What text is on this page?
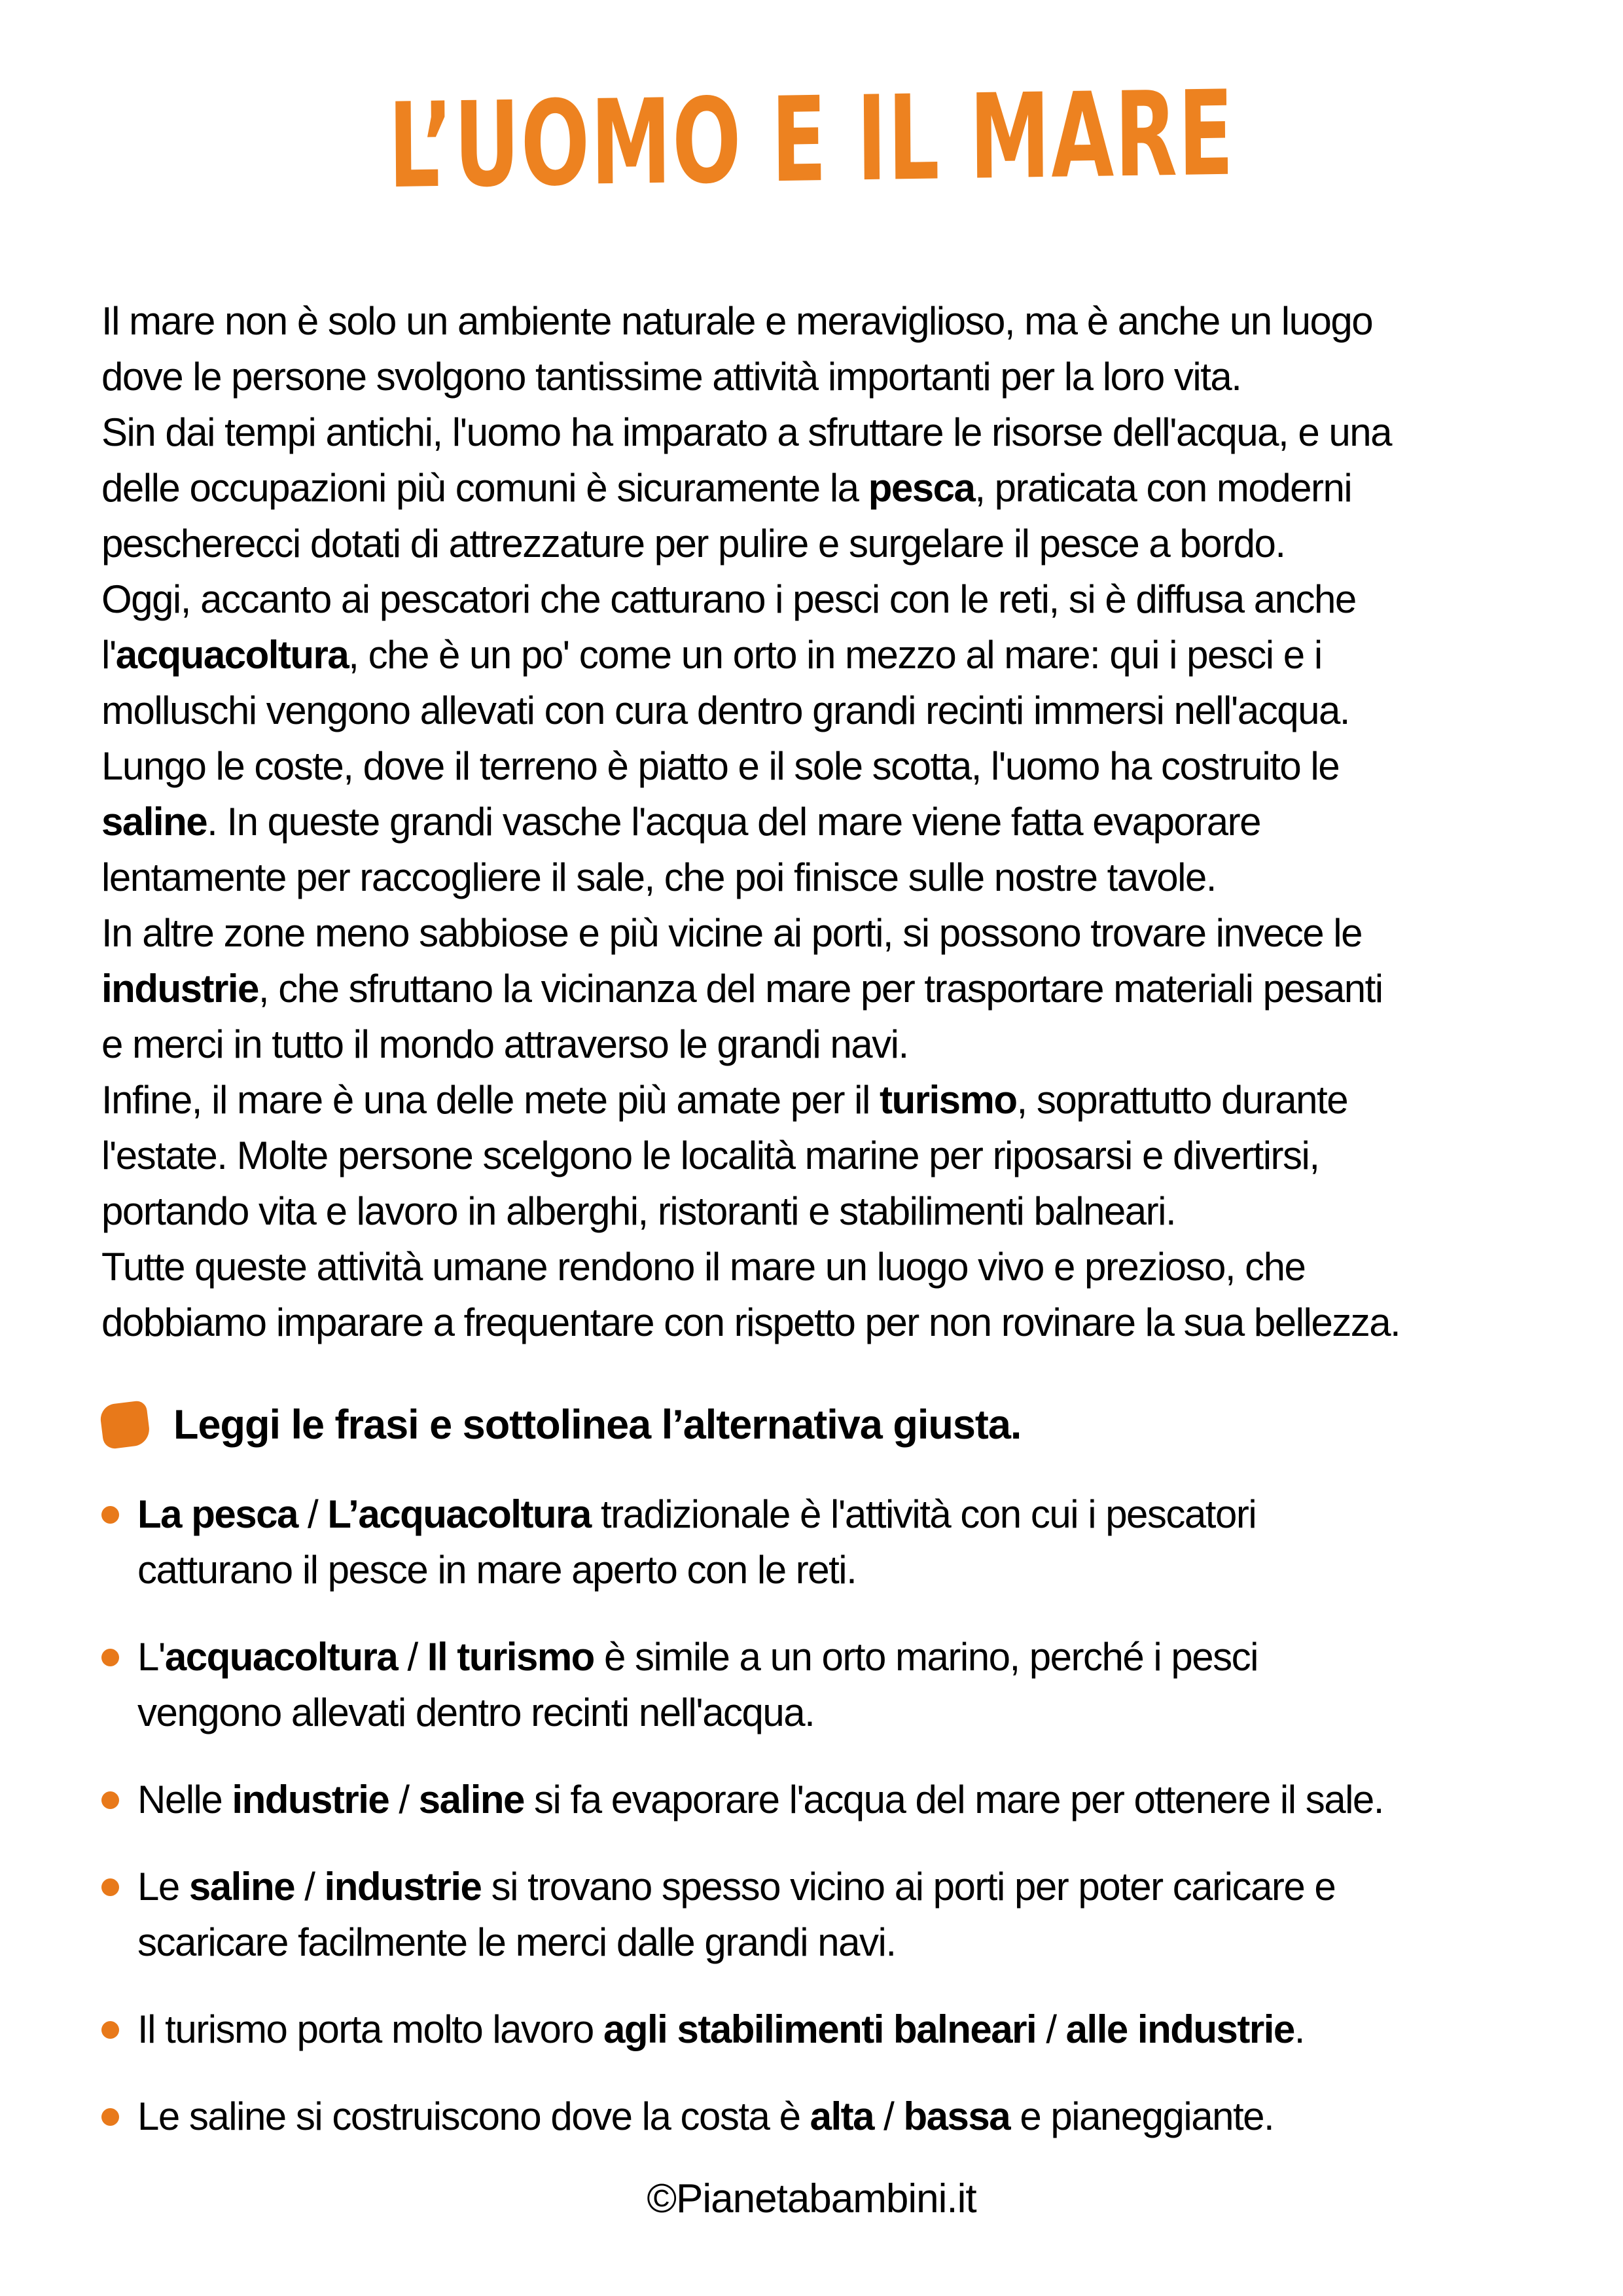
L’UOMO E IL MARE
Il mare non è solo un ambiente naturale e meraviglioso, ma è anche un luogo
dove le persone svolgono tantissime attività importanti per la loro vita.
Sin dai tempi antichi, l'uomo ha imparato a sfruttare le risorse dell'acqua, e una
delle occupazioni più comuni è sicuramente la pesca, praticata con moderni
pescherecci dotati di attrezzature per pulire e surgelare il pesce a bordo.
Oggi, accanto ai pescatori che catturano i pesci con le reti, si è diffusa anche
l'acquacoltura, che è un po' come un orto in mezzo al mare: qui i pesci e i
molluschi vengono allevati con cura dentro grandi recinti immersi nell'acqua.
Lungo le coste, dove il terreno è piatto e il sole scotta, l'uomo ha costruito le
saline. In queste grandi vasche l'acqua del mare viene fatta evaporare
lentamente per raccogliere il sale, che poi finisce sulle nostre tavole.
In altre zone meno sabbiose e più vicine ai porti, si possono trovare invece le
industrie, che sfruttano la vicinanza del mare per trasportare materiali pesanti
e merci in tutto il mondo attraverso le grandi navi.
Infine, il mare è una delle mete più amate per il turismo, soprattutto durante
l'estate. Molte persone scelgono le località marine per riposarsi e divertirsi,
portando vita e lavoro in alberghi, ristoranti e stabilimenti balneari.
Tutte queste attività umane rendono il mare un luogo vivo e prezioso, che
dobbiamo imparare a frequentare con rispetto per non rovinare la sua bellezza.
Leggi le frasi e sottolinea l’alternativa giusta.
La pesca / L’acquacoltura tradizionale è l'attività con cui i pescatori
catturano il pesce in mare aperto con le reti.
L'acquacoltura / Il turismo è simile a un orto marino, perché i pesci
vengono allevati dentro recinti nell'acqua.
Nelle industrie / saline si fa evaporare l'acqua del mare per ottenere il sale.
Le saline / industrie si trovano spesso vicino ai porti per poter caricare e
scaricare facilmente le merci dalle grandi navi.
Il turismo porta molto lavoro agli stabilimenti balneari / alle industrie.
Le saline si costruiscono dove la costa è alta / bassa e pianeggiante.
©Pianetabambini.it
